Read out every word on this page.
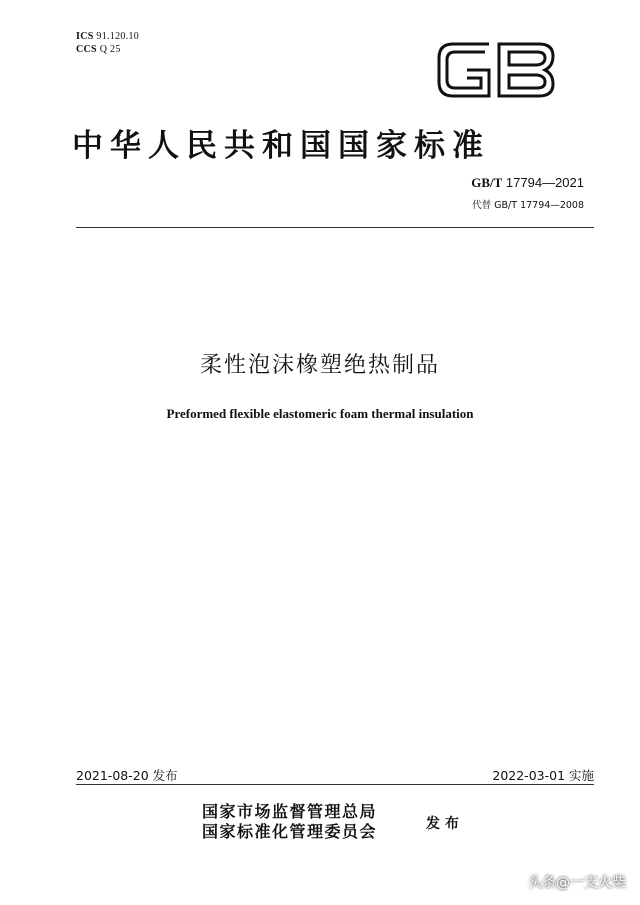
ICS 91.120.10
CCS Q 25
中华人民共和国国家标准
GB/T 17794—2021
代替 GB/T 17794—2008
柔性泡沫橡塑绝热制品
Preformed flexible elastomeric foam thermal insulation
2021-08-20 发布	2022-03-01 实施
国家市场监督管理总局
国家标准化管理委员会	发布
头条@一支火柴
